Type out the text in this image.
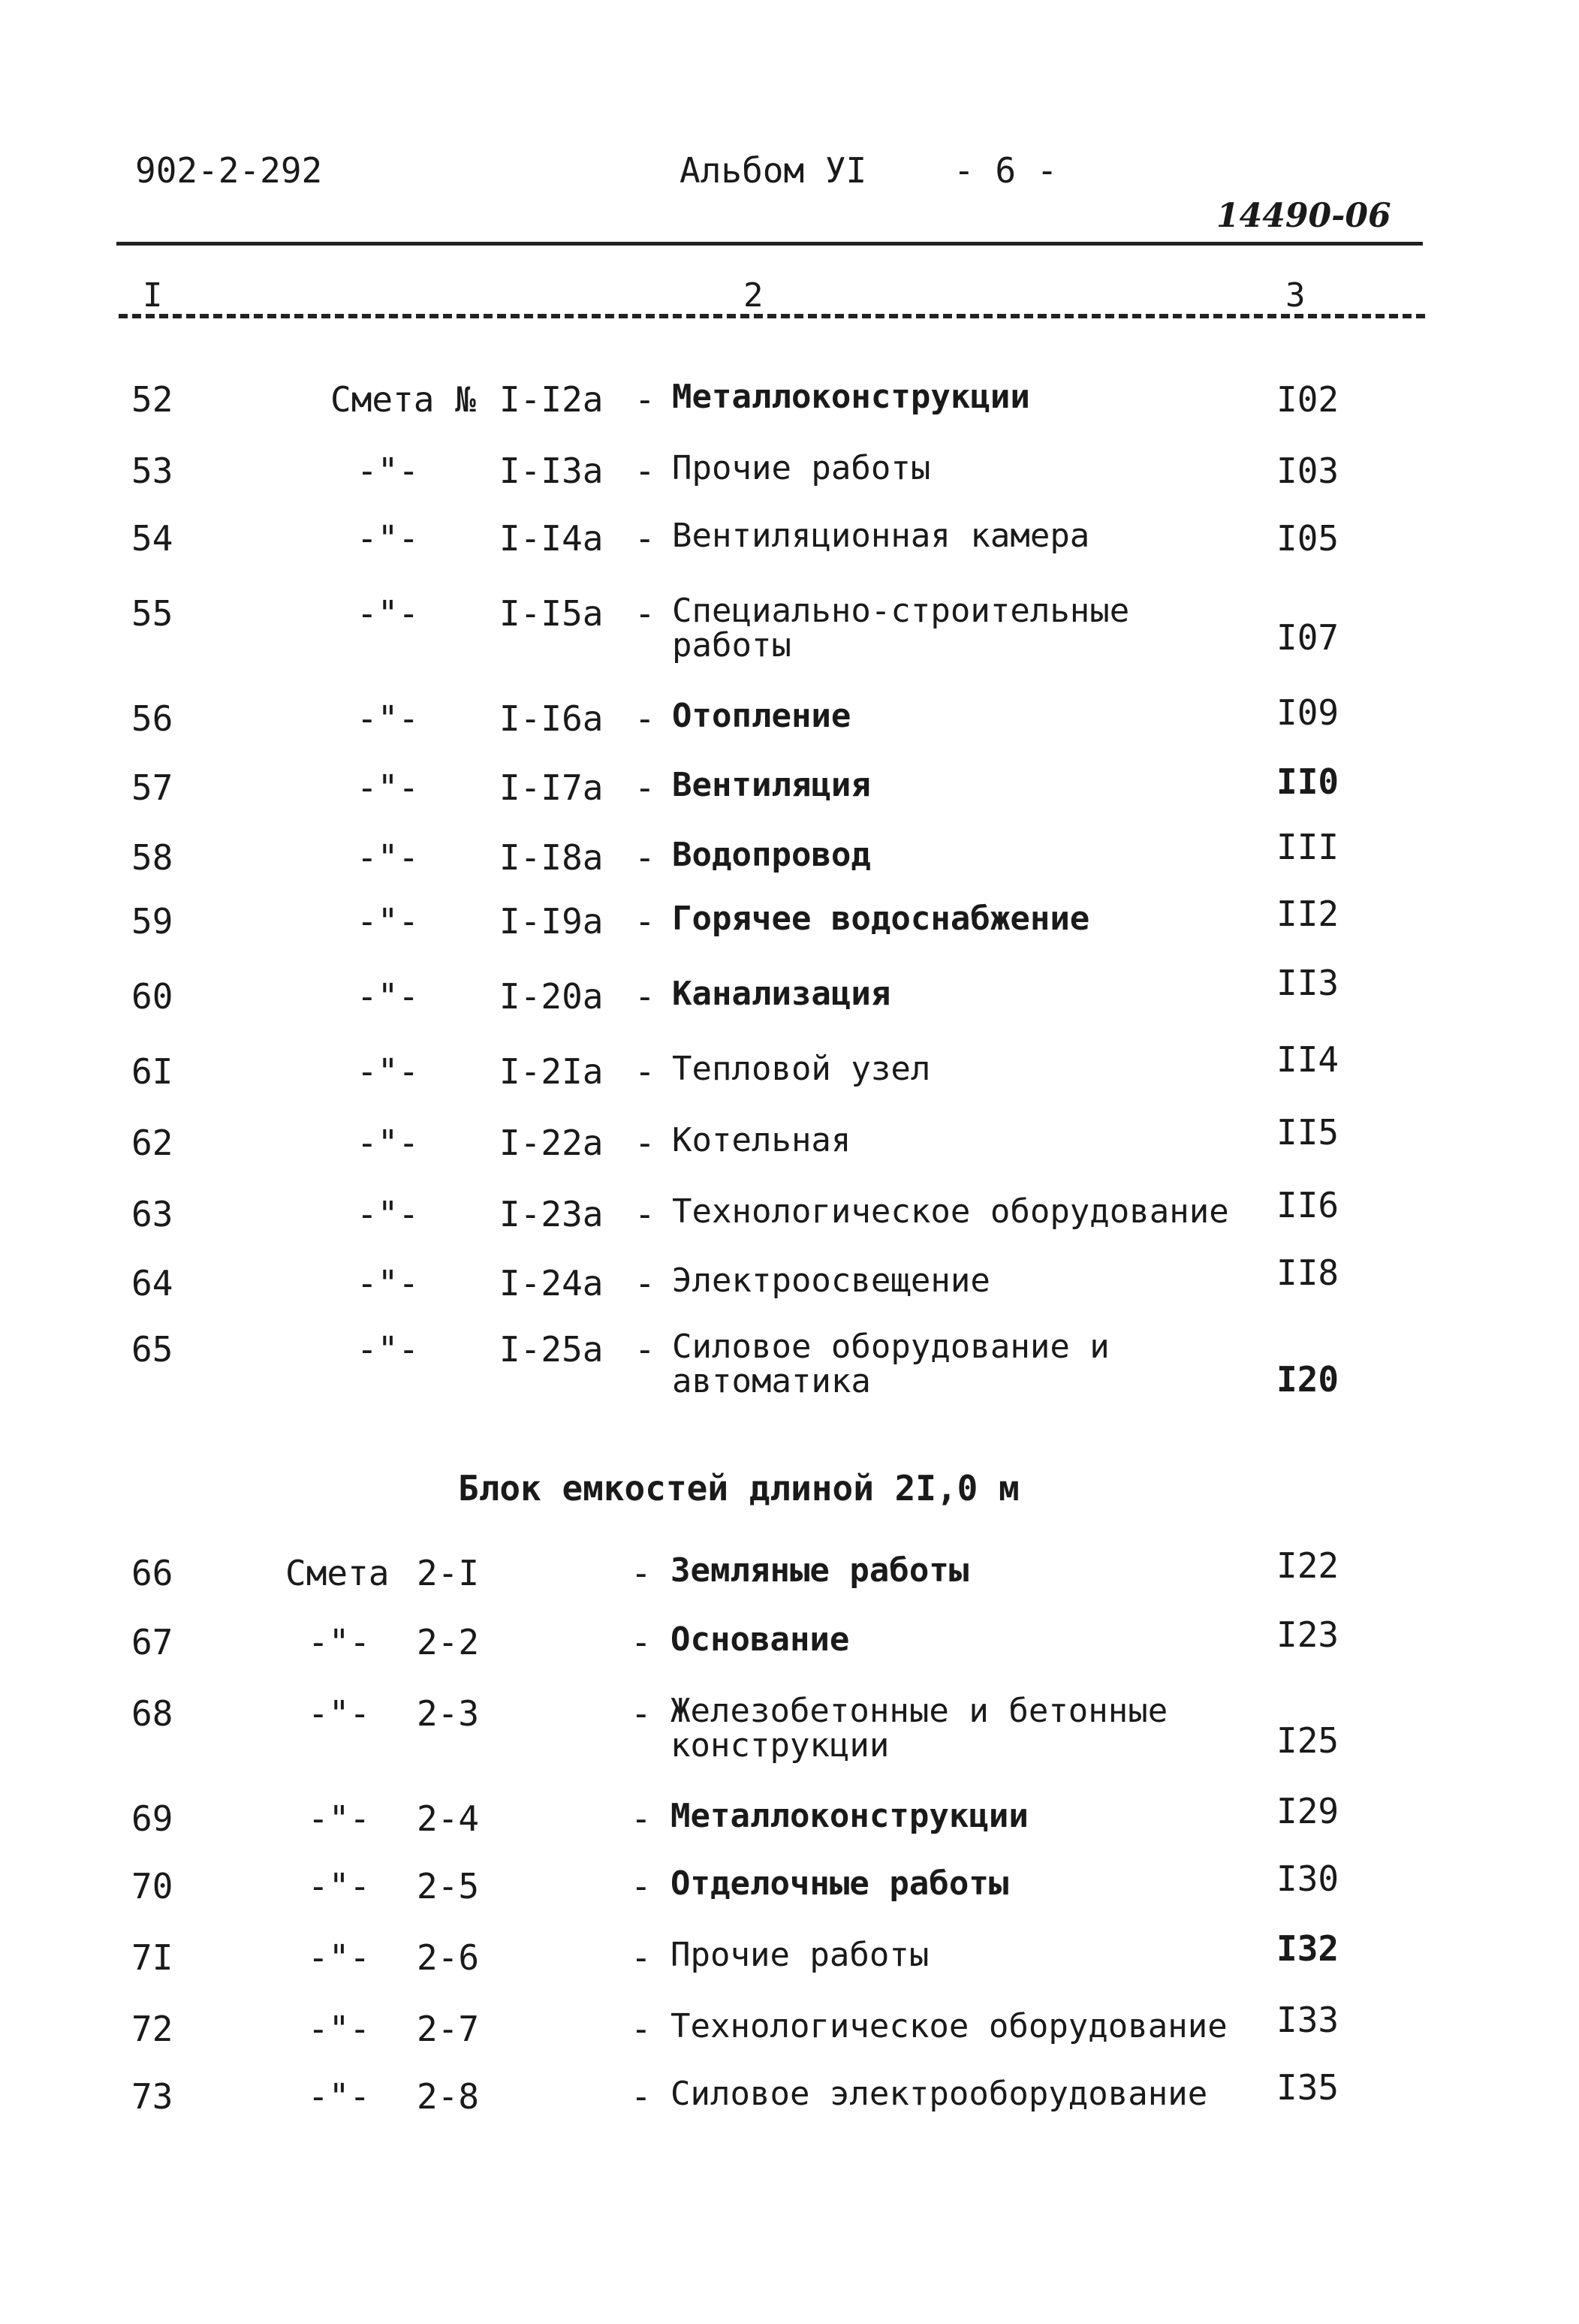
902-2-292	Альбом УI	- 6 -
14490-06
I	2	3
52	Смета № I-I2а - Металлоконструкции	I02
53	-"- I-I3а - Прочие работы	I03
54	-"- I-I4а - Вентиляционная камера	I05
55	-"- I-I5а - Специально-строительные
работы	I07
56	-"- I-I6а - Отопление	I09
57	-"- I-I7а - Вентиляция	II0
58	-"- I-I8а - Водопровод	III
59	-"- I-I9а - Горячее водоснабжение	II2
60	-"- I-20а - Канализация	II3
6I	-"- I-2Iа - Тепловой узел	II4
62	-"- I-22а - Котельная	II5
63	-"- I-23а - Технологическое оборудование II6
64	-"- I-24а - Электроосвещение	II8
65	-"- I-25а - Силовое оборудование и
автоматика	I20
Блок емкостей длиной 2I,0 м
66	Смета 2-I	- Земляные работы	I22
67	-"- 2-2	- Основание	I23
68	-"- 2-3	- Железобетонные и бетонные
конструкции	I25
69	-"- 2-4	- Металлоконструкции	I29
70	-"- 2-5	- Отделочные работы	I30
7I	-"- 2-6	- Прочие работы	I32
72	-"- 2-7	- Технологическое оборудование I33
73	-"- 2-8	- Силовое электрооборудование I35
